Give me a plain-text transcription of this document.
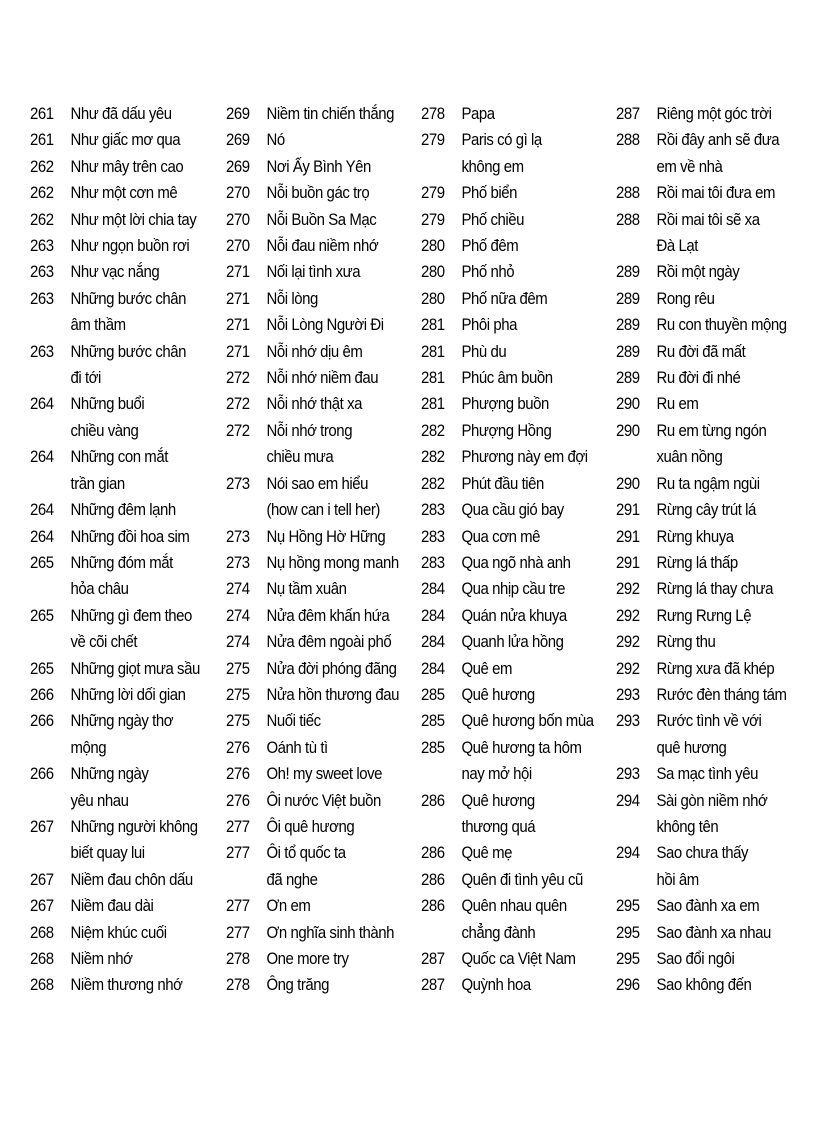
261 Như đã dấu yêu
261 Như giấc mơ qua
262 Như mây trên cao
262 Như một cơn mê
262 Như một lời chia tay
263 Như ngọn buồn rơi
263 Như vạc nắng
263 Những bước chân
âm thầm
263 Những bước chân
đi tới
264 Những buổi
chiều vàng
264 Những con mắt
trần gian
264 Những đêm lạnh
264 Những đồi hoa sim
265 Những đóm mắt
hỏa châu
265 Những gì đem theo
về cõi chết
265 Những giọt mưa sầu
266 Những lời dối gian
266 Những ngày thơ
mộng
266 Những ngày
yêu nhau
267 Những người không
biết quay lui
267 Niềm đau chôn dấu
267 Niềm đau dài
268 Niệm khúc cuối
268 Niềm nhớ
268 Niềm thương nhớ
269 Niềm tin chiến thắng
269 Nó
269 Nơi Ấy Bình Yên
270 Nỗi buồn gác trọ
270 Nỗi Buồn Sa Mạc
270 Nỗi đau niềm nhớ
271 Nối lại tình xưa
271 Nỗi lòng
271 Nỗi Lòng Người Đi
271 Nỗi nhớ dịu êm
272 Nỗi nhớ niềm đau
272 Nỗi nhớ thật xa
272 Nỗi nhớ trong
chiều mưa
273 Nói sao em hiểu
(how can i tell her)
273 Nụ Hồng Hờ Hững
273 Nụ hồng mong manh
274 Nụ tầm xuân
274 Nửa đêm khấn hứa
274 Nửa đêm ngoài phố
275 Nửa đời phóng đãng
275 Nửa hồn thương đau
275 Nuối tiếc
276 Oánh tù tì
276 Oh! my sweet love
276 Ôi nước Việt buồn
277 Ôi quê hương
277 Ôi tổ quốc ta
đã nghe
277 Ơn em
277 Ơn nghĩa sinh thành
278 One more try
278 Ông trăng
278 Papa
279 Paris có gì lạ
không em
279 Phố biển
279 Phố chiều
280 Phố đêm
280 Phố nhỏ
280 Phố nữa đêm
281 Phôi pha
281 Phù du
281 Phúc âm buồn
281 Phượng buồn
282 Phượng Hồng
282 Phương này em đợi
282 Phút đầu tiên
283 Qua cầu gió bay
283 Qua cơn mê
283 Qua ngõ nhà anh
284 Qua nhịp cầu tre
284 Quán nửa khuya
284 Quanh lửa hồng
284 Quê em
285 Quê hương
285 Quê hương bốn mùa
285 Quê hương ta hôm
nay mở hội
286 Quê hương
thương quá
286 Quê mẹ
286 Quên đi tình yêu cũ
286 Quên nhau quên
chẳng đành
287 Quốc ca Việt Nam
287 Quỳnh hoa
287 Riêng một góc trời
288 Rồi đây anh sẽ đưa
em về nhà
288 Rồi mai tôi đưa em
288 Rồi mai tôi sẽ xa
Đà Lạt
289 Rồi một ngày
289 Rong rêu
289 Ru con thuyền mộng
289 Ru đời đã mất
289 Ru đời đi nhé
290 Ru em
290 Ru em từng ngón
xuân nồng
290 Ru ta ngậm ngùi
291 Rừng cây trút lá
291 Rừng khuya
291 Rừng lá thấp
292 Rừng lá thay chưa
292 Rưng Rưng Lệ
292 Rừng thu
292 Rừng xưa đã khép
293 Rước đèn tháng tám
293 Rước tình về với
quê hương
293 Sa mạc tình yêu
294 Sài gòn niềm nhớ
không tên
294 Sao chưa thấy
hồi âm
295 Sao đành xa em
295 Sao đành xa nhau
295 Sao đổi ngôi
296 Sao không đến
